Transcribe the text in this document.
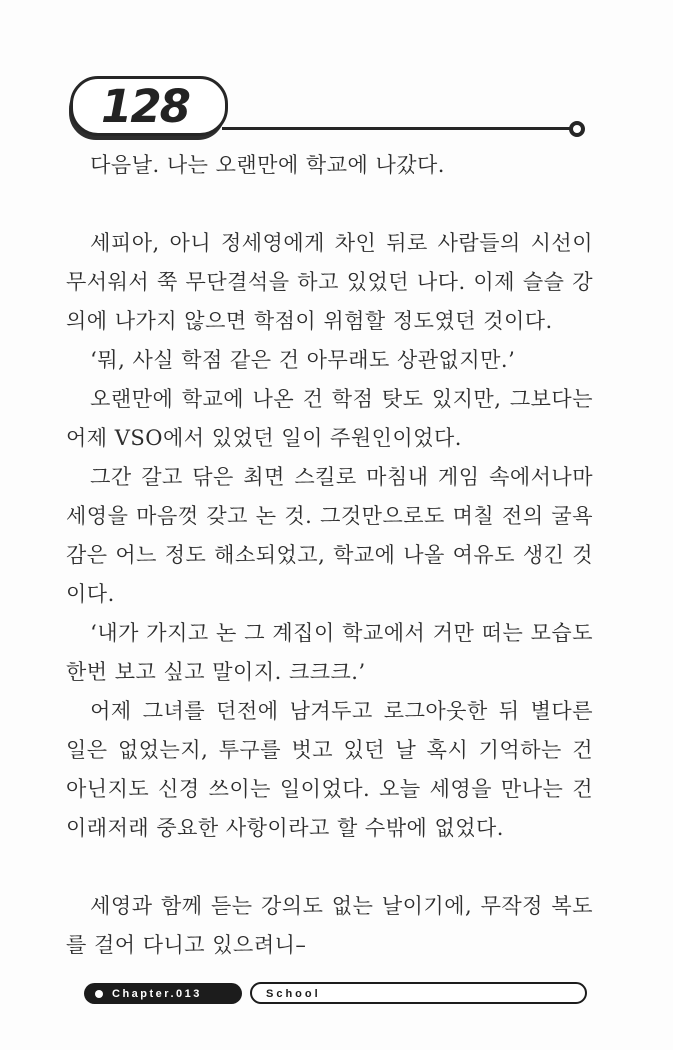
128

다음날. 나는 오랜만에 학교에 나갔다.

세피아, 아니 정세영에게 차인 뒤로 사람들의 시선이 무서워서 쭉 무단결석을 하고 있었던 나다. 이제 슬슬 강의에 나가지 않으면 학점이 위험할 정도였던 것이다.

‘뭐, 사실 학점 같은 건 아무래도 상관없지만.’

오랜만에 학교에 나온 건 학점 탓도 있지만, 그보다는 어제 VSO에서 있었던 일이 주원인이었다.

그간 갈고 닦은 최면 스킬로 마침내 게임 속에서나마 세영을 마음껏 갖고 논 것. 그것만으로도 며칠 전의 굴욕감은 어느 정도 해소되었고, 학교에 나올 여유도 생긴 것이다.

‘내가 가지고 논 그 계집이 학교에서 거만 떠는 모습도 한번 보고 싶고 말이지. 크크크.’

어제 그녀를 던전에 남겨두고 로그아웃한 뒤 별다른 일은 없었는지, 투구를 벗고 있던 날 혹시 기억하는 건 아닌지도 신경 쓰이는 일이었다. 오늘 세영을 만나는 건 이래저래 중요한 사항이라고 할 수밖에 없었다.

세영과 함께 듣는 강의도 없는 날이기에, 무작정 복도를 걸어 다니고 있으려니–

Chapter.013	School
